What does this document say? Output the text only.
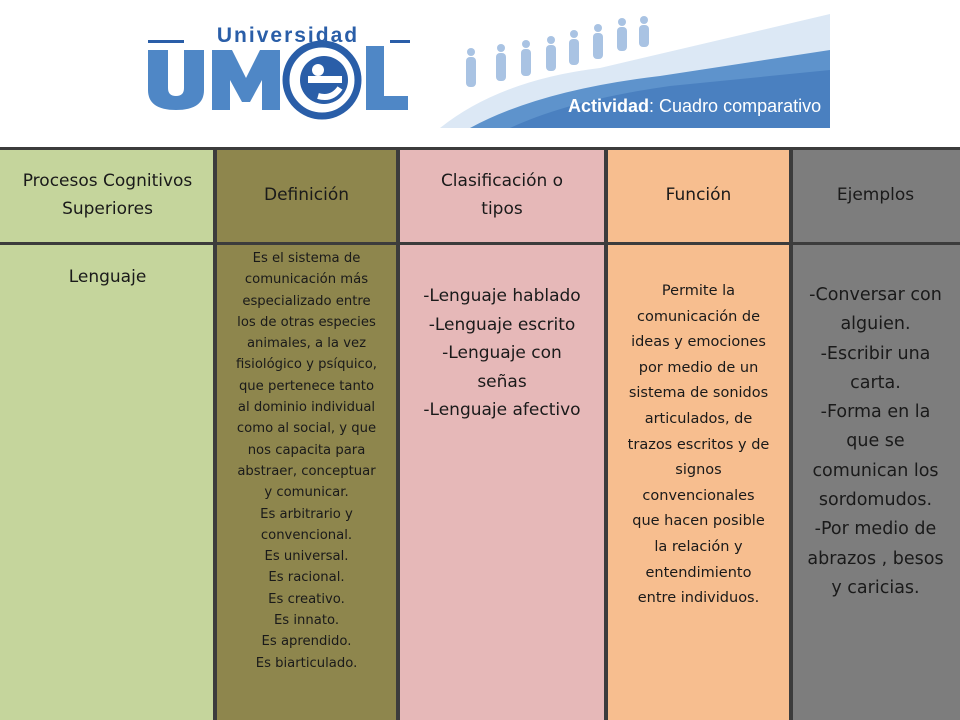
Universidad
Actividad: Cuadro comparativo
Procesos Cognitivos Superiores
Definición
Clasificación o tipos
Función	Ejemplos
Lenguaje
Es el sistema de
comunicación más
especializado entre
los de otras especies
animales, a la vez
fisiológico y psíquico,
que pertenece tanto
al dominio individual
como al social, y que
nos capacita para
abstraer, conceptuar
y comunicar.
Es arbitrario y
convencional.
Es universal.
Es racional.
Es creativo.
Es innato.
Es aprendido.
Es biarticulado.
-Lenguaje hablado
-Lenguaje escrito
-Lenguaje con
señas
-Lenguaje afectivo
Permite la
comunicación de
ideas y emociones
por medio de un
sistema de sonidos
articulados, de
trazos escritos y de
signos
convencionales
que hacen posible
la relación y
entendimiento
entre individuos.
-Conversar con
alguien.
-Escribir una
carta.
-Forma en la
que se
comunican los
sordomudos.
-Por medio de
abrazos , besos
y caricias.
